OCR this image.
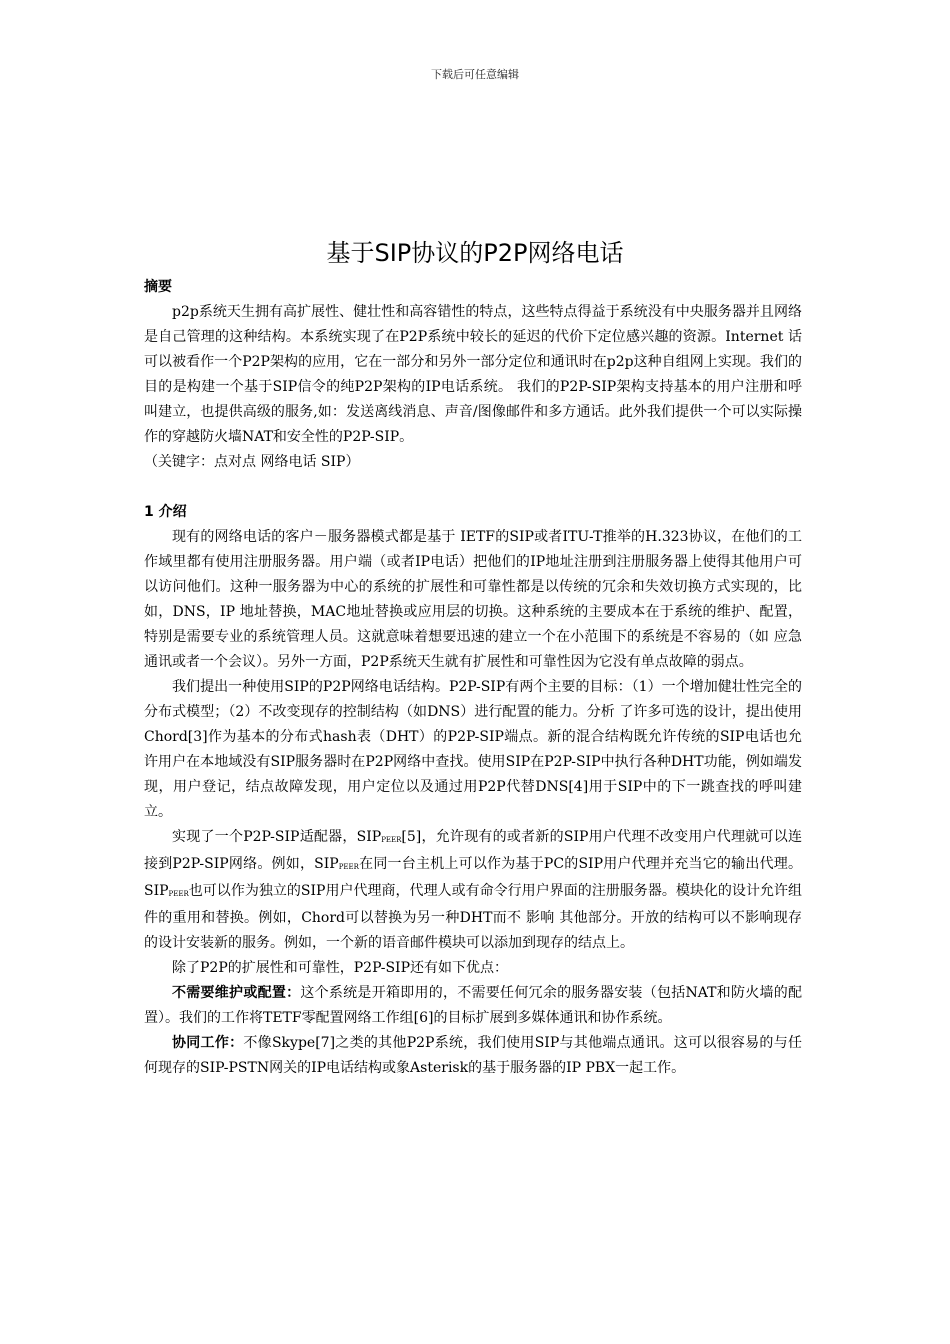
下载后可任意编辑
基于SIP协议的P2P网络电话
摘要

p2p系统天生拥有高扩展性、健壮性和高容错性的特点，这些特点得益于系统没有中央服务器并且网络是自己管理的这种结构。本系统实现了在P2P系统中较长的延迟的代价下定位感兴趣的资源。Internet 话可以被看作一个P2P架构的应用，它在一部分和另外一部分定位和通讯时在p2p这种自组网上实现。我们的目的是构建一个基于SIP信令的纯P2P架构的IP电话系统。 我们的P2P-SIP架构支持基本的用户注册和呼叫建立，也提供高级的服务,如：发送离线消息、声音/图像邮件和多方通话。此外我们提供一个可以实际操作的穿越防火墙NAT和安全性的P2P-SIP。

（关键字：点对点 网络电话 SIP）

1 介绍

现有的网络电话的客户－服务器模式都是基于 IETF的SIP或者ITU-T推举的H.323协议，在他们的工作域里都有使用注册服务器。用户端（或者IP电话）把他们的IP地址注册到注册服务器上使得其他用户可以访问他们。这种一服务器为中心的系统的扩展性和可靠性都是以传统的冗余和失效切换方式实现的，比如，DNS，IP 地址替换，MAC地址替换或应用层的切换。这种系统的主要成本在于系统的维护、配置，特别是需要专业的系统管理人员。这就意味着想要迅速的建立一个在小范围下的系统是不容易的（如 应急通讯或者一个会议）。另外一方面，P2P系统天生就有扩展性和可靠性因为它没有单点故障的弱点。

我们提出一种使用SIP的P2P网络电话结构。P2P-SIP有两个主要的目标：（1）一个增加健壮性完全的分布式模型；（2）不改变现存的控制结构（如DNS）进行配置的能力。分析 了许多可选的设计，提出使用Chord[3]作为基本的分布式hash表（DHT）的P2P-SIP端点。新的混合结构既允许传统的SIP电话也允许用户在本地域没有SIP服务器时在P2P网络中查找。使用SIP在P2P-SIP中执行各种DHT功能，例如端发现，用户登记，结点故障发现，用户定位以及通过用P2P代替DNS[4]用于SIP中的下一跳查找的呼叫建立。

实现了一个P2P-SIP适配器，$SIP_{PEER}[5]$，允许现有的或者新的SIP用户代理不改变用户代理就可以连接到P2P-SIP网络。例如，$SIP_{PEER}$在同一台主机上可以作为基于PC的SIP用户代理并充当它的输出代理。$SIP_{PEER}$也可以作为独立的SIP用户代理商，代理人或有命令行用户界面的注册服务器。模块化的设计允许组件的重用和替换。例如，Chord可以替换为另一种DHT而不 影响 其他部分。开放的结构可以不影响现存的设计安装新的服务。例如，一个新的语音邮件模块可以添加到现存的结点上。

除了P2P的扩展性和可靠性，P2P-SIP还有如下优点：

不需要维护或配置：这个系统是开箱即用的，不需要任何冗余的服务器安装（包括NAT和防火墙的配置）。我们的工作将TETF零配置网络工作组[6]的目标扩展到多媒体通讯和协作系统。

协同工作：不像Skype[7]之类的其他P2P系统，我们使用SIP与其他端点通讯。这可以很容易的与任何现存的SIP-PSTN网关的IP电话结构或象Asterisk的基于服务器的IP PBX一起工作。
